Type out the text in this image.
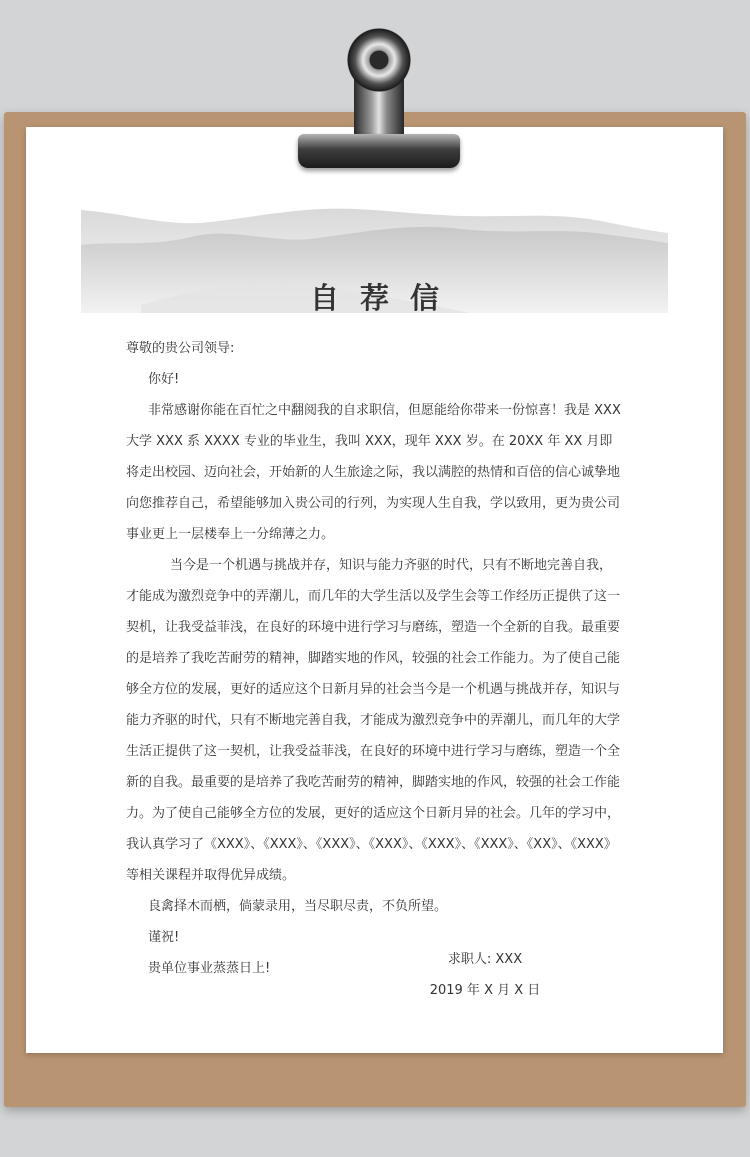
自荐信

尊敬的贵公司领导:

你好!

非常感谢你能在百忙之中翻阅我的自求职信，但愿能给你带来一份惊喜！我是 XXX 大学 XXX 系 XXXX 专业的毕业生，我叫 XXX，现年 XXX 岁。在 20XX 年 XX 月即将走出校园、迈向社会，开始新的人生旅途之际，我以满腔的热情和百倍的信心诚挚地向您推荐自己，希望能够加入贵公司的行列，为实现人生自我，学以致用，更为贵公司事业更上一层楼奉上一分绵薄之力。

当今是一个机遇与挑战并存，知识与能力齐驱的时代，只有不断地完善自我，才能成为激烈竞争中的弄潮儿，而几年的大学生活以及学生会等工作经历正提供了这一契机，让我受益菲浅，在良好的环境中进行学习与磨练，塑造一个全新的自我。最重要的是培养了我吃苦耐劳的精神，脚踏实地的作风，较强的社会工作能力。为了使自己能够全方位的发展，更好的适应这个日新月异的社会当今是一个机遇与挑战并存，知识与能力齐驱的时代，只有不断地完善自我，才能成为激烈竞争中的弄潮儿，而几年的大学生活正提供了这一契机，让我受益菲浅，在良好的环境中进行学习与磨练，塑造一个全新的自我。最重要的是培养了我吃苦耐劳的精神，脚踏实地的作风，较强的社会工作能力。为了使自己能够全方位的发展，更好的适应这个日新月异的社会。几年的学习中，我认真学习了《XXX》、《XXX》、《XXX》、《XXX》、《XXX》、《XXX》、《XX》、《XXX》等相关课程并取得优异成绩。

良禽择木而栖，倘蒙录用，当尽职尽责，不负所望。

谨祝!

贵单位事业蒸蒸日上!

求职人: XXX

2019 年 X 月 X 日
